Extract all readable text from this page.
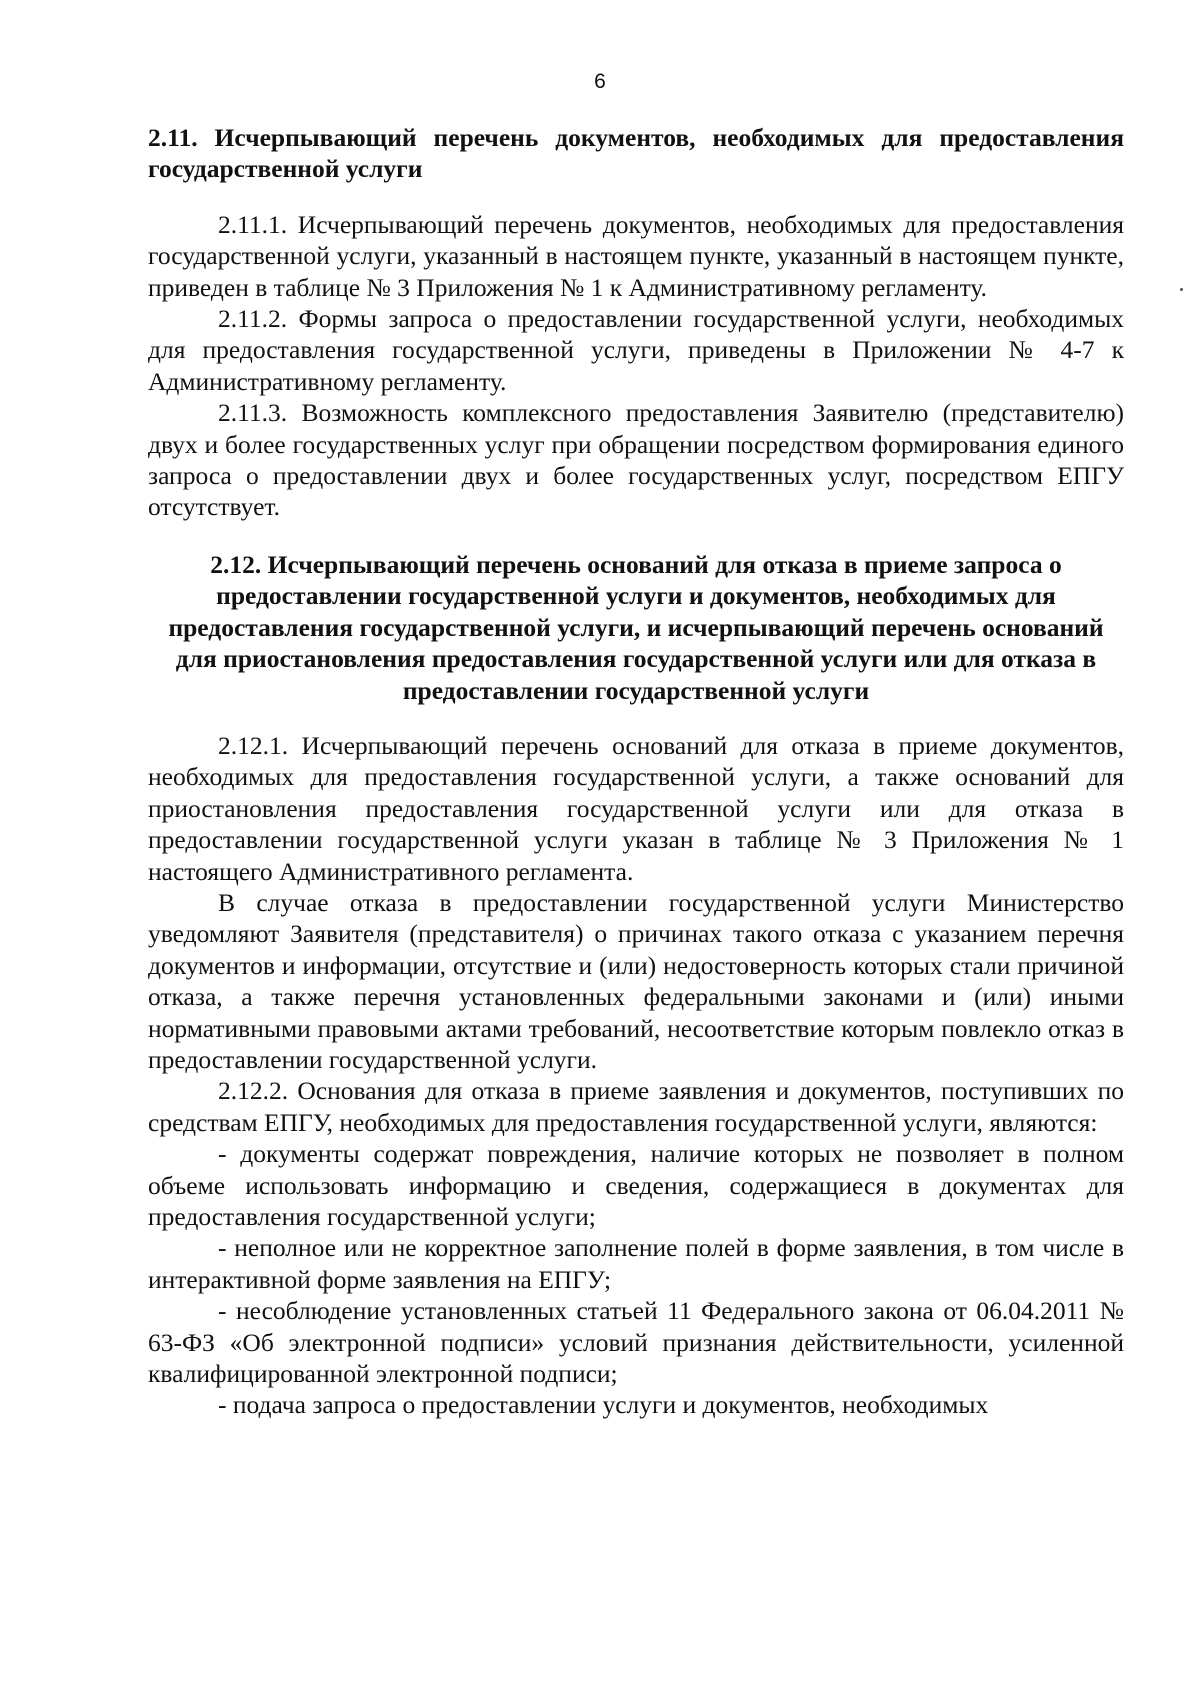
6

2.11. Исчерпывающий перечень документов, необходимых для предоставления государственной услуги

2.11.1. Исчерпывающий перечень документов, необходимых для предоставления государственной услуги, указанный в настоящем пункте, указанный в настоящем пункте, приведен в таблице № 3 Приложения № 1 к Административному регламенту.

2.11.2. Формы запроса о предоставлении государственной услуги, необходимых для предоставления государственной услуги, приведены в Приложении № 4-7 к Административному регламенту.

2.11.3. Возможность комплексного предоставления Заявителю (представителю) двух и более государственных услуг при обращении посредством формирования единого запроса о предоставлении двух и более государственных услуг, посредством ЕПГУ отсутствует.

2.12. Исчерпывающий перечень оснований для отказа в приеме запроса о предоставлении государственной услуги и документов, необходимых для предоставления государственной услуги, и исчерпывающий перечень оснований для приостановления предоставления государственной услуги или для отказа в предоставлении государственной услуги

2.12.1. Исчерпывающий перечень оснований для отказа в приеме документов, необходимых для предоставления государственной услуги, а также оснований для приостановления предоставления государственной услуги или для отказа в предоставлении государственной услуги указан в таблице № 3 Приложения № 1 настоящего Административного регламента.

В случае отказа в предоставлении государственной услуги Министерство уведомляют Заявителя (представителя) о причинах такого отказа с указанием перечня документов и информации, отсутствие и (или) недостоверность которых стали причиной отказа, а также перечня установленных федеральными законами и (или) иными нормативными правовыми актами требований, несоответствие которым повлекло отказ в предоставлении государственной услуги.

2.12.2. Основания для отказа в приеме заявления и документов, поступивших по средствам ЕПГУ, необходимых для предоставления государственной услуги, являются:

- документы содержат повреждения, наличие которых не позволяет в полном объеме использовать информацию и сведения, содержащиеся в документах для предоставления государственной услуги;

- неполное или не корректное заполнение полей в форме заявления, в том числе в интерактивной форме заявления на ЕПГУ;

- несоблюдение установленных статьей 11 Федерального закона от 06.04.2011 № 63-ФЗ «Об электронной подписи» условий признания действительности, усиленной квалифицированной электронной подписи;

- подача запроса о предоставлении услуги и документов, необходимых
